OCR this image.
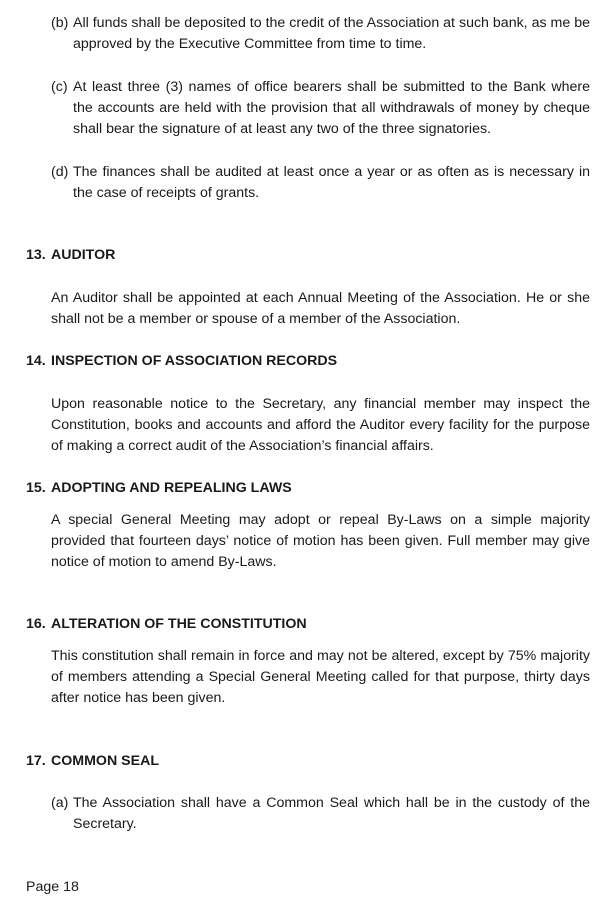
(b) All funds shall be deposited to the credit of the Association at such bank, as me be approved by the Executive Committee from time to time.
(c) At least three (3) names of office bearers shall be submitted to the Bank where the accounts are held with the provision that all withdrawals of money by cheque shall bear the signature of at least any two of the three signatories.
(d) The finances shall be audited at least once a year or as often as is necessary in the case of receipts of grants.
13. AUDITOR
An Auditor shall be appointed at each Annual Meeting of the Association. He or she shall not be a member or spouse of a member of the Association.
14. INSPECTION OF ASSOCIATION RECORDS
Upon reasonable notice to the Secretary, any financial member may inspect the Constitution, books and accounts and afford the Auditor every facility for the purpose of making a correct audit of the Association’s financial affairs.
15. ADOPTING AND REPEALING LAWS
A special General Meeting may adopt or repeal By-Laws on a simple majority provided that fourteen days’ notice of motion has been given. Full member may give notice of motion to amend By-Laws.
16. ALTERATION OF THE CONSTITUTION
This constitution shall remain in force and may not be altered, except by 75% majority of members attending a Special General Meeting called for that purpose, thirty days after notice has been given.
17. COMMON SEAL
(a) The Association shall have a Common Seal which hall be in the custody of the Secretary.
Page 18
